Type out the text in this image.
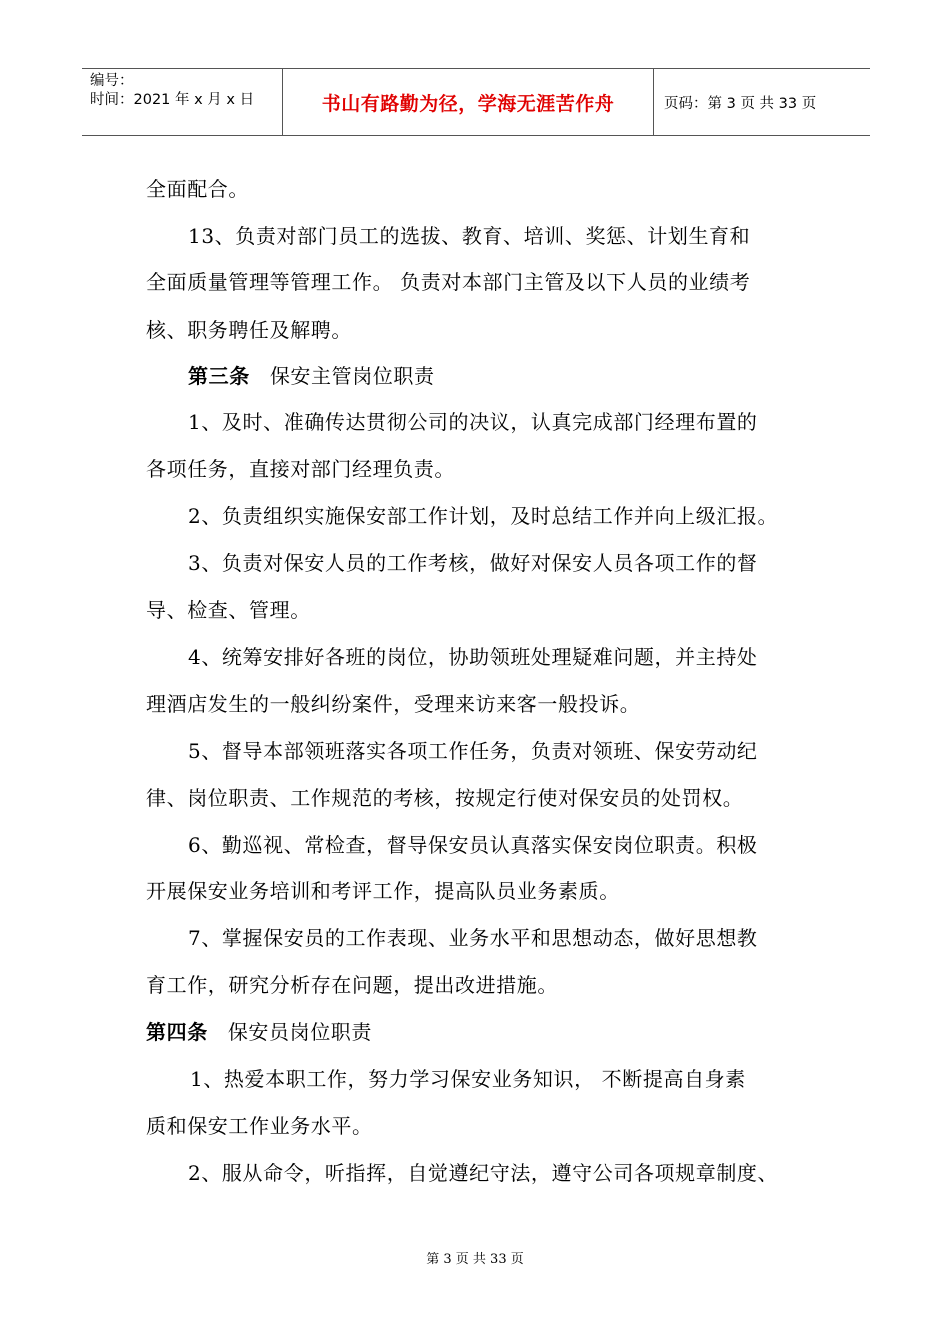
编号：
时间：2021 年 x 月 x 日	书山有路勤为径，学海无涯苦作舟	页码：第 3 页 共 33 页
全面配合。
13、负责对部门员工的选拔、教育、培训、奖惩、计划生育和
全面质量管理等管理工作。 负责对本部门主管及以下人员的业绩考
核、职务聘任及解聘。
第三条 保安主管岗位职责
1、及时、准确传达贯彻公司的决议，认真完成部门经理布置的
各项任务，直接对部门经理负责。
2、负责组织实施保安部工作计划，及时总结工作并向上级汇报。
3、负责对保安人员的工作考核，做好对保安人员各项工作的督
导、检查、管理。
4、统筹安排好各班的岗位，协助领班处理疑难问题，并主持处
理酒店发生的一般纠纷案件，受理来访来客一般投诉。
5、督导本部领班落实各项工作任务，负责对领班、保安劳动纪
律、岗位职责、工作规范的考核，按规定行使对保安员的处罚权。
6、勤巡视、常检查，督导保安员认真落实保安岗位职责。积极
开展保安业务培训和考评工作，提高队员业务素质。
7、掌握保安员的工作表现、业务水平和思想动态，做好思想教
育工作，研究分析存在问题，提出改进措施。
第四条 保安员岗位职责
1、热爱本职工作，努力学习保安业务知识， 不断提高自身素
质和保安工作业务水平。
2、服从命令，听指挥，自觉遵纪守法，遵守公司各项规章制度、
第 3 页 共 33 页
